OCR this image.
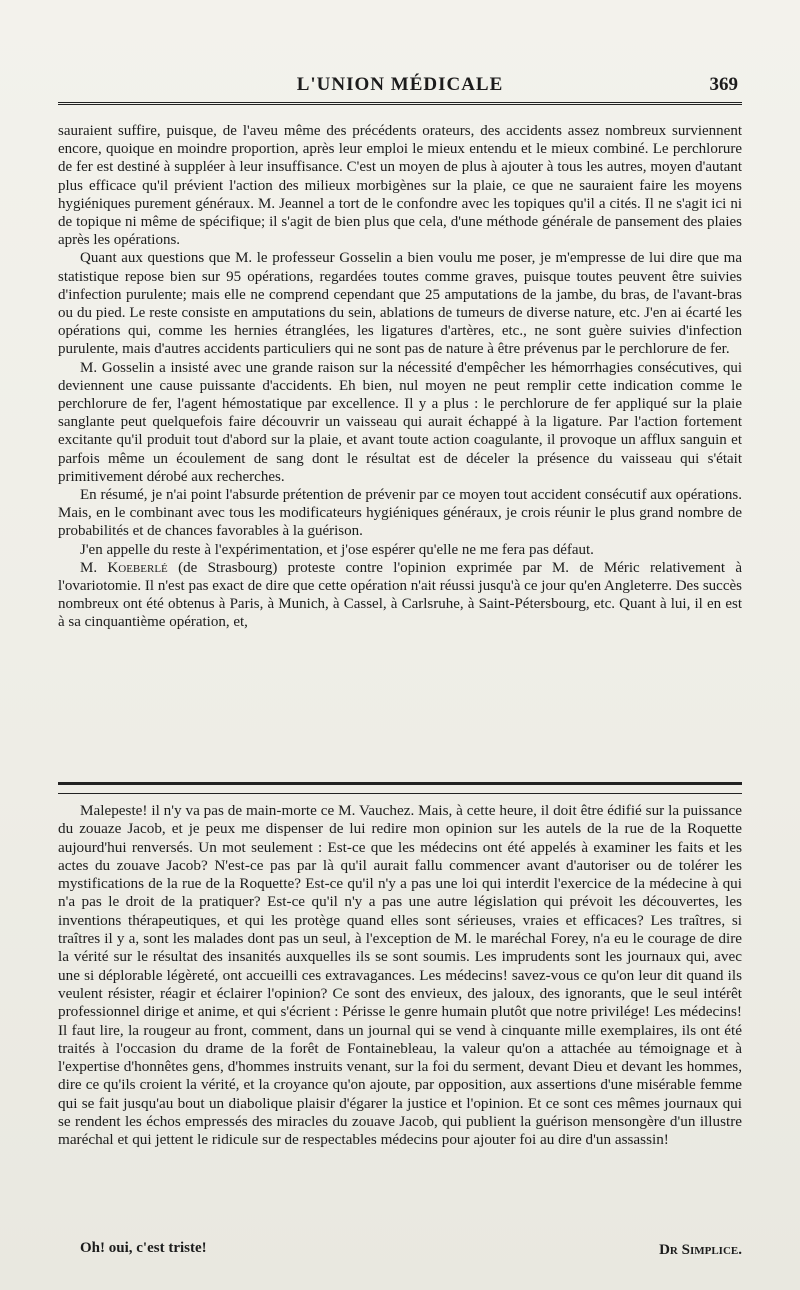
L'UNION MÉDICALE	369

sauraient suffire, puisque, de l'aveu même des précédents orateurs, des accidents assez nombreux surviennent encore, quoique en moindre proportion, après leur emploi le mieux entendu et le mieux combiné. Le perchlorure de fer est destiné à suppléer à leur insuffisance. C'est un moyen de plus à ajouter à tous les autres, moyen d'autant plus efficace qu'il prévient l'action des milieux morbigènes sur la plaie, ce que ne sauraient faire les moyens hygiéniques purement généraux. M. Jeannel a tort de le confondre avec les topiques qu'il a cités. Il ne s'agit ici ni de topique ni même de spécifique; il s'agit de bien plus que cela, d'une méthode générale de pansement des plaies après les opérations.

Quant aux questions que M. le professeur Gosselin a bien voulu me poser, je m'empresse de lui dire que ma statistique repose bien sur 95 opérations, regardées toutes comme graves, puisque toutes peuvent être suivies d'infection purulente; mais elle ne comprend cependant que 25 amputations de la jambe, du bras, de l'avant-bras ou du pied. Le reste consiste en amputations du sein, ablations de tumeurs de diverse nature, etc. J'en ai écarté les opérations qui, comme les hernies étranglées, les ligatures d'artères, etc., ne sont guère suivies d'infection purulente, mais d'autres accidents particuliers qui ne sont pas de nature à être prévenus par le perchlorure de fer.

M. Gosselin a insisté avec une grande raison sur la nécessité d'empêcher les hémorrhagies consécutives, qui deviennent une cause puissante d'accidents. Eh bien, nul moyen ne peut remplir cette indication comme le perchlorure de fer, l'agent hémostatique par excellence. Il y a plus : le perchlorure de fer appliqué sur la plaie sanglante peut quelquefois faire découvrir un vaisseau qui aurait échappé à la ligature. Par l'action fortement excitante qu'il produit tout d'abord sur la plaie, et avant toute action coagulante, il provoque un afflux sanguin et parfois même un écoulement de sang dont le résultat est de déceler la présence du vaisseau qui s'était primitivement dérobé aux recherches.

En résumé, je n'ai point l'absurde prétention de prévenir par ce moyen tout accident consécutif aux opérations. Mais, en le combinant avec tous les modificateurs hygiéniques généraux, je crois réunir le plus grand nombre de probabilités et de chances favorables à la guérison.

J'en appelle du reste à l'expérimentation, et j'ose espérer qu'elle ne me fera pas défaut.

M. Koeberlé (de Strasbourg) proteste contre l'opinion exprimée par M. de Méric relativement à l'ovariotomie. Il n'est pas exact de dire que cette opération n'ait réussi jusqu'à ce jour qu'en Angleterre. Des succès nombreux ont été obtenus à Paris, à Munich, à Cassel, à Carlsruhe, à Saint-Pétersbourg, etc. Quant à lui, il en est à sa cinquantième opération, et,

Malepeste! il n'y va pas de main-morte ce M. Vauchez. Mais, à cette heure, il doit être édifié sur la puissance du zouaze Jacob, et je peux me dispenser de lui redire mon opinion sur les autels de la rue de la Roquette aujourd'hui renversés. Un mot seulement : Est-ce que les médecins ont été appelés à examiner les faits et les actes du zouave Jacob? N'est-ce pas par là qu'il aurait fallu commencer avant d'autoriser ou de tolérer les mystifications de la rue de la Roquette? Est-ce qu'il n'y a pas une loi qui interdit l'exercice de la médecine à qui n'a pas le droit de la pratiquer? Est-ce qu'il n'y a pas une autre législation qui prévoit les découvertes, les inventions thérapeutiques, et qui les protège quand elles sont sérieuses, vraies et efficaces? Les traîtres, si traîtres il y a, sont les malades dont pas un seul, à l'exception de M. le maréchal Forey, n'a eu le courage de dire la vérité sur le résultat des insanités auxquelles ils se sont soumis. Les imprudents sont les journaux qui, avec une si déplorable légèreté, ont accueilli ces extravagances. Les médecins! savez-vous ce qu'on leur dit quand ils veulent résister, réagir et éclairer l'opinion? Ce sont des envieux, des jaloux, des ignorants, que le seul intérêt professionnel dirige et anime, et qui s'écrient : Périsse le genre humain plutôt que notre privilége! Les médecins! Il faut lire, la rougeur au front, comment, dans un journal qui se vend à cinquante mille exemplaires, ils ont été traités à l'occasion du drame de la forêt de Fontainebleau, la valeur qu'on a attachée au témoignage et à l'expertise d'honnêtes gens, d'hommes instruits venant, sur la foi du serment, devant Dieu et devant les hommes, dire ce qu'ils croient la vérité, et la croyance qu'on ajoute, par opposition, aux assertions d'une misérable femme qui se fait jusqu'au bout un diabolique plaisir d'égarer la justice et l'opinion. Et ce sont ces mêmes journaux qui se rendent les échos empressés des miracles du zouave Jacob, qui publient la guérison mensongère d'un illustre maréchal et qui jettent le ridicule sur de respectables médecins pour ajouter foi au dire d'un assassin!

Oh! oui, c'est triste!	Dr Simplice.
